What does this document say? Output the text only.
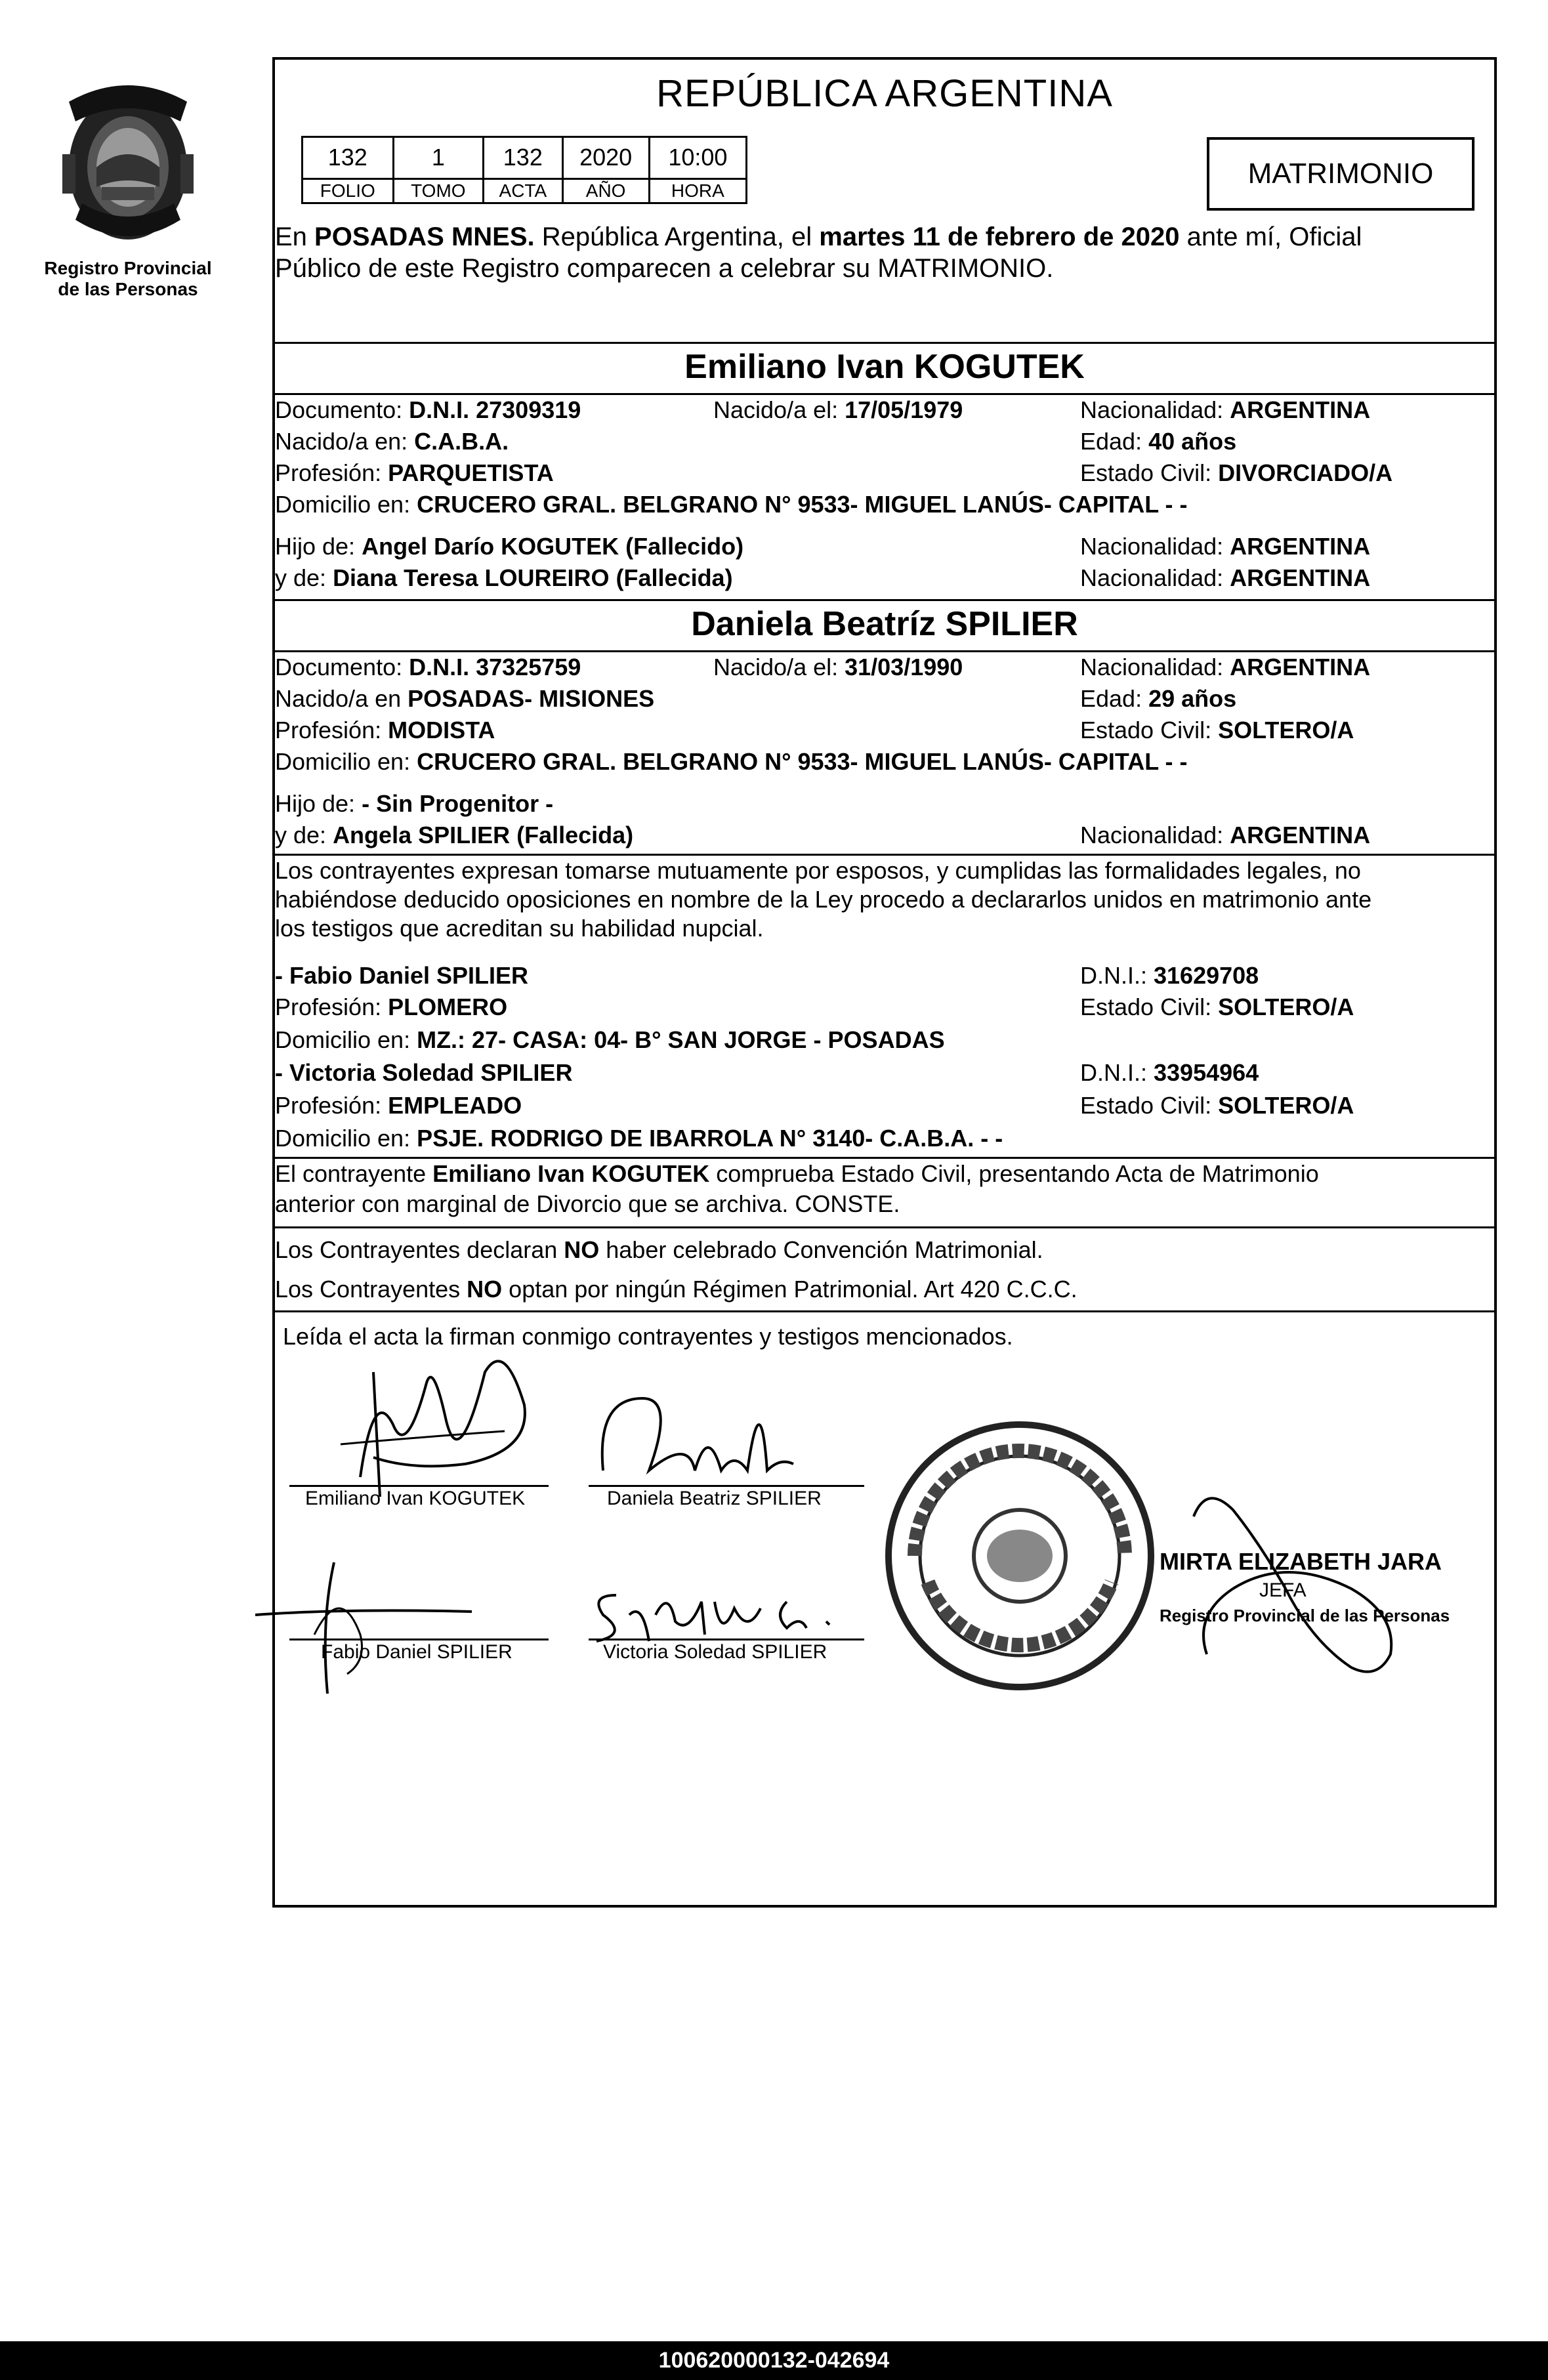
Registro Provincial
de las Personas
REPÚBLICA ARGENTINA
132	1	132	2020	10:00
FOLIO	TOMO	ACTA	AÑO	HORA
MATRIMONIO
En POSADAS MNES. República Argentina, el martes 11 de febrero de 2020 ante mí, Oficial
Público de este Registro comparecen a celebrar su MATRIMONIO.
Emiliano Ivan KOGUTEK
Documento: D.N.I. 27309319	Nacido/a el: 17/05/1979	Nacionalidad: ARGENTINA
Nacido/a en: C.A.B.A.	Edad: 40 años
Profesión: PARQUETISTA	Estado Civil: DIVORCIADO/A
Domicilio en: CRUCERO GRAL. BELGRANO N° 9533- MIGUEL LANÚS- CAPITAL - -
Hijo de: Angel Darío KOGUTEK (Fallecido)	Nacionalidad: ARGENTINA
y de: Diana Teresa LOUREIRO (Fallecida)	Nacionalidad: ARGENTINA
Daniela Beatríz SPILIER
Documento: D.N.I. 37325759	Nacido/a el: 31/03/1990	Nacionalidad: ARGENTINA
Nacido/a en POSADAS- MISIONES	Edad: 29 años
Profesión: MODISTA	Estado Civil: SOLTERO/A
Domicilio en: CRUCERO GRAL. BELGRANO N° 9533- MIGUEL LANÚS- CAPITAL - -
Hijo de: - Sin Progenitor -
y de: Angela SPILIER (Fallecida)	Nacionalidad: ARGENTINA
Los contrayentes expresan tomarse mutuamente por esposos, y cumplidas las formalidades legales, no
habiéndose deducido oposiciones en nombre de la Ley procedo a declararlos unidos en matrimonio ante
los testigos que acreditan su habilidad nupcial.
- Fabio Daniel SPILIER	D.N.I.: 31629708
Profesión: PLOMERO	Estado Civil: SOLTERO/A
Domicilio en: MZ.: 27- CASA: 04- B° SAN JORGE - POSADAS
- Victoria Soledad SPILIER	D.N.I.: 33954964
Profesión: EMPLEADO	Estado Civil: SOLTERO/A
Domicilio en: PSJE. RODRIGO DE IBARROLA N° 3140- C.A.B.A. - -
El contrayente Emiliano Ivan KOGUTEK comprueba Estado Civil, presentando Acta de Matrimonio
anterior con marginal de Divorcio que se archiva. CONSTE.
Los Contrayentes declaran NO haber celebrado Convención Matrimonial.
Los Contrayentes NO optan por ningún Régimen Patrimonial. Art 420 C.C.C.
Leída el acta la firman conmigo contrayentes y testigos mencionados.
Emiliano Ivan KOGUTEK	Daniela Beatriz SPILIER
Fabio Daniel SPILIER	Victoria Soledad SPILIER
MIRTA ELIZABETH JARA
JEFA
Registro Provincial de las Personas
100620000132-042694
